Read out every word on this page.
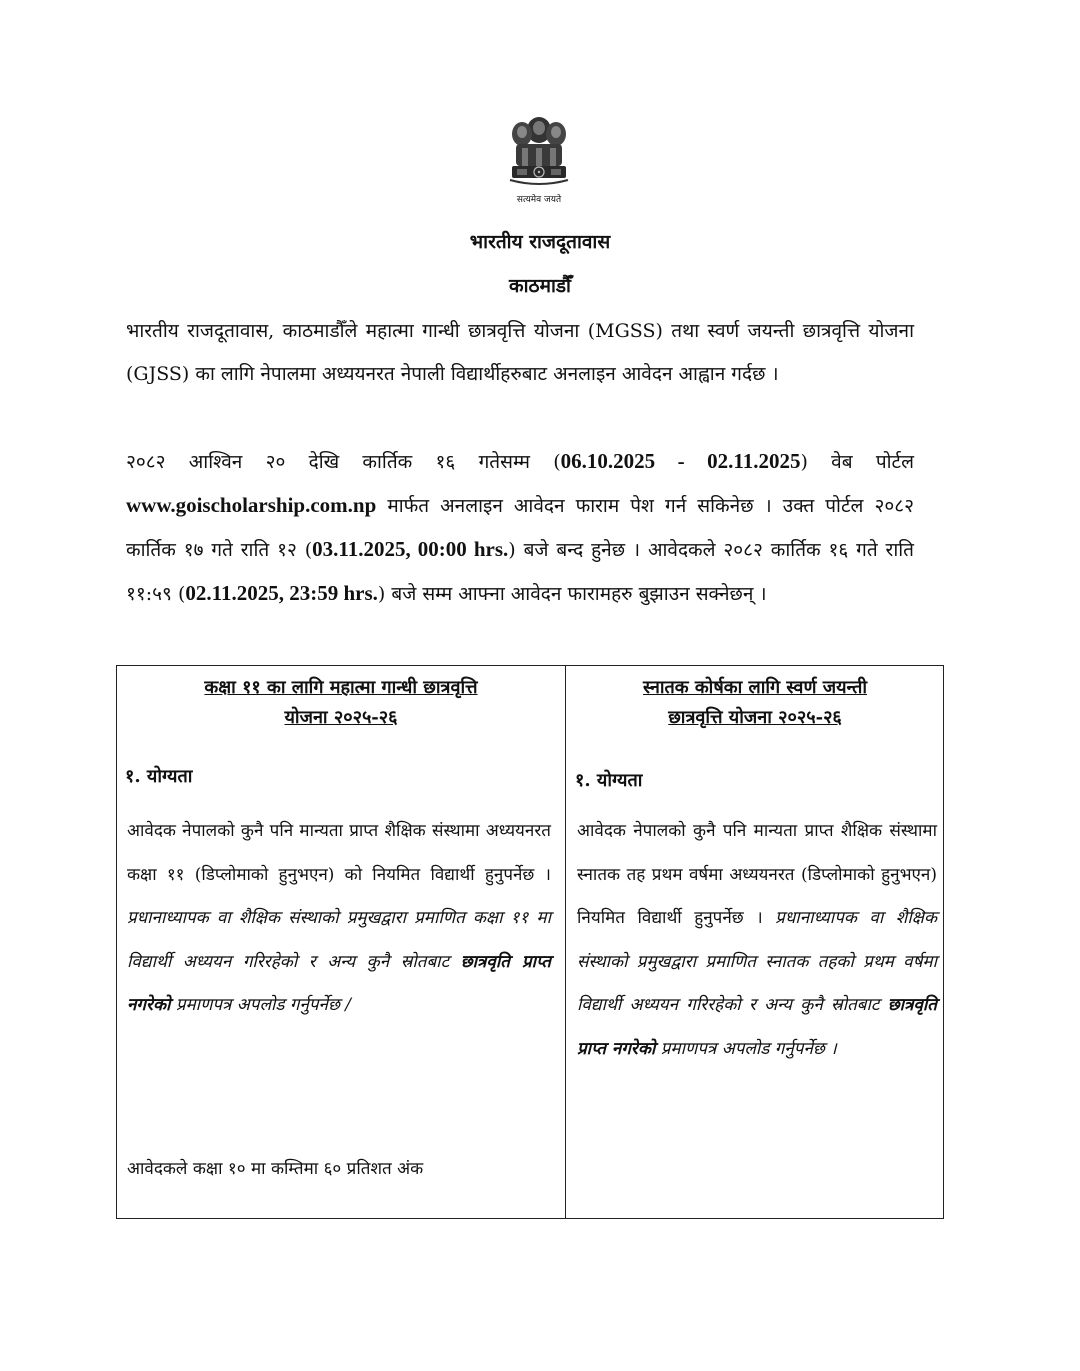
सत्यमेव जयते
भारतीय राजदूतावास
काठमाडौँ
भारतीय राजदूतावास, काठमाडौँले महात्मा गान्धी छात्रवृत्ति योजना (MGSS) तथा स्वर्ण जयन्ती छात्रवृत्ति योजना (GJSS) का लागि नेपालमा अध्ययनरत नेपाली विद्यार्थीहरुबाट अनलाइन आवेदन आह्वान गर्दछ ।
२०८२ आश्विन २० देखि कार्तिक १६ गतेसम्म (06.10.2025 - 02.11.2025) वेब पोर्टल www.goischolarship.com.np मार्फत अनलाइन आवेदन फाराम पेश गर्न सकिनेछ । उक्त पोर्टल २०८२ कार्तिक १७ गते राति १२ (03.11.2025, 00:00 hrs.) बजे बन्द हुनेछ । आवेदकले २०८२ कार्तिक १६ गते राति ११:५९ (02.11.2025, 23:59 hrs.) बजे सम्म आफ्ना आवेदन फारामहरु बुझाउन सक्नेछन् ।
कक्षा ११ का लागि महात्मा गान्धी छात्रवृत्ति
योजना २०२५-२६
१. योग्यता
आवेदक नेपालको कुनै पनि मान्यता प्राप्त शैक्षिक संस्थामा अध्ययनरत कक्षा ११ (डिप्लोमाको हुनुभएन) को नियमित विद्यार्थी हुनुपर्नेछ । प्रधानाध्यापक वा शैक्षिक संस्थाको प्रमुखद्वारा प्रमाणित कक्षा ११ मा विद्यार्थी अध्ययन गरिरहेको र अन्य कुनै स्रोतबाट छात्रवृति प्राप्त नगरेको प्रमाणपत्र अपलोड गर्नुपर्नेछ /
आवेदकले कक्षा १० मा कम्तिमा ६० प्रतिशत अंक
स्नातक कोर्षका लागि स्वर्ण जयन्ती
छात्रवृत्ति योजना २०२५-२६
१. योग्यता
आवेदक नेपालको कुनै पनि मान्यता प्राप्त शैक्षिक संस्थामा स्नातक तह प्रथम वर्षमा अध्ययनरत (डिप्लोमाको हुनुभएन) नियमित विद्यार्थी हुनुपर्नेछ । प्रधानाध्यापक वा शैक्षिक संस्थाको प्रमुखद्वारा प्रमाणित स्नातक तहको प्रथम वर्षमा विद्यार्थी अध्ययन गरिरहेको र अन्य कुनै स्रोतबाट छात्रवृति प्राप्त नगरेको प्रमाणपत्र अपलोड गर्नुपर्नेछ ।
